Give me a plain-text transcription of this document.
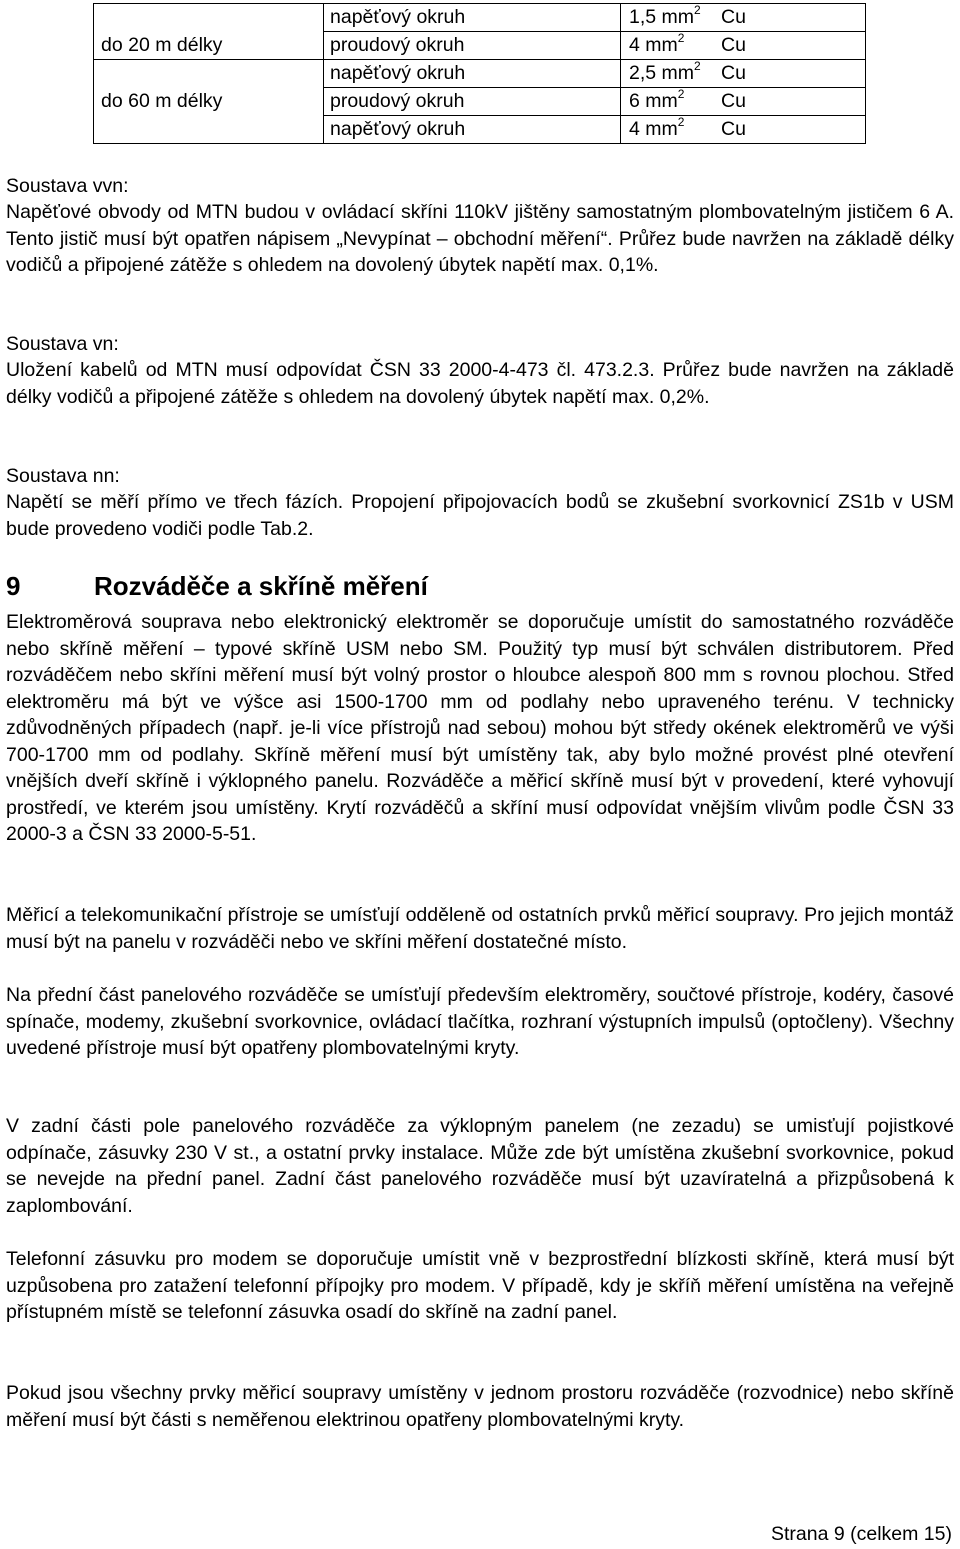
	napěťový okruh	1,5 $mm^2$ Cu
do 20 m délky	proudový okruh	4 $mm^2$ Cu
	napěťový okruh	2,5 $mm^2$ Cu
do 60 m délky	proudový okruh	6 $mm^2$ Cu
	napěťový okruh	4 $mm^2$ Cu
Soustava vvn:

Napěťové obvody od MTN budou v ovládací skříni 110kV jištěny samostatným plombovatelným jističem 6 A. Tento jistič musí být opatřen nápisem „Nevypínat – obchodní měření“. Průřez bude navržen na základě délky vodičů a připojené zátěže s ohledem na dovolený úbytek napětí max. 0,1%.

Soustava vn:

Uložení kabelů od MTN musí odpovídat ČSN 33 2000-4-473 čl. 473.2.3. Průřez bude navržen na základě délky vodičů a připojené zátěže s ohledem na dovolený úbytek napětí max. 0,2%.

Soustava nn:

Napětí se měří přímo ve třech fázích. Propojení připojovacích bodů se zkušební svorkovnicí ZS1b v USM bude provedeno vodiči podle Tab.2.

9	Rozváděče a skříně měření

Elektroměrová souprava nebo elektronický elektroměr se doporučuje umístit do samostatného rozváděče nebo skříně měření – typové skříně USM nebo SM. Použitý typ musí být schválen distributorem. Před rozváděčem nebo skříni měření musí být volný prostor o hloubce alespoň 800 mm s rovnou plochou. Střed elektroměru má být ve výšce asi 1500-1700 mm od podlahy nebo upraveného terénu. V technicky zdůvodněných případech (např. je-li více přístrojů nad sebou) mohou být středy okének elektroměrů ve výši 700-1700 mm od podlahy. Skříně měření musí být umístěny tak, aby bylo možné provést plné otevření vnějších dveří skříně i výklopného panelu. Rozváděče a měřicí skříně musí být v provedení, které vyhovují prostředí, ve kterém jsou umístěny. Krytí rozváděčů a skříní musí odpovídat vnějším vlivům podle ČSN 33 2000-3 a ČSN 33 2000-5-51.

Měřicí a telekomunikační přístroje se umísťují odděleně od ostatních prvků měřicí soupravy. Pro jejich montáž musí být na panelu v rozváděči nebo ve skříni měření dostatečné místo.

Na přední část panelového rozváděče se umísťují především elektroměry, součtové přístroje, kodéry, časové spínače, modemy, zkušební svorkovnice, ovládací tlačítka, rozhraní výstupních impulsů (optočleny). Všechny uvedené přístroje musí být opatřeny plombovatelnými kryty.

V zadní části pole panelového rozváděče za výklopným panelem (ne zezadu) se umisťují pojistkové odpínače, zásuvky 230 V st., a ostatní prvky instalace. Může zde být umístěna zkušební svorkovnice, pokud se nevejde na přední panel. Zadní část panelového rozváděče musí být uzavíratelná a přizpůsobená k zaplombování.

Telefonní zásuvku pro modem se doporučuje umístit vně v bezprostřední blízkosti skříně, která musí být uzpůsobena pro zatažení telefonní přípojky pro modem. V případě, kdy je skříň měření umístěna na veřejně přístupném místě se telefonní zásuvka osadí do skříně na zadní panel.

Pokud jsou všechny prvky měřicí soupravy umístěny v jednom prostoru rozváděče (rozvodnice) nebo skříně měření musí být části s neměřenou elektrinou opatřeny plombovatelnými kryty.

Strana 9 (celkem 15)
